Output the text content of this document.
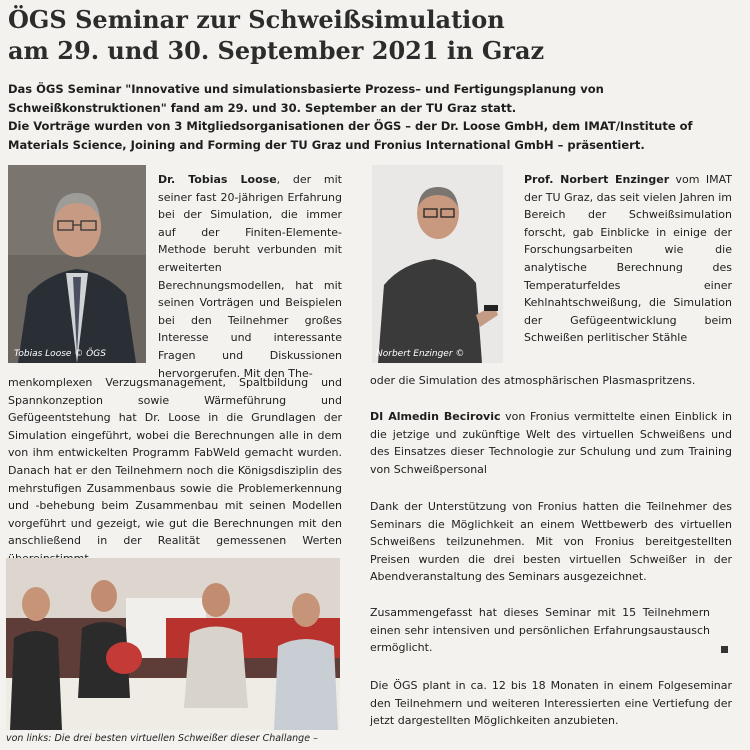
ÖGS Seminar zur Schweißsimulation
am 29. und 30. September 2021 in Graz

Das ÖGS Seminar "Innovative und simulationsbasierte Prozess– und Fertigungsplanung von Schweißkonstruktionen" fand am 29. und 30. September an der TU Graz statt.

Die Vorträge wurden von 3 Mitgliedsorganisationen der ÖGS – der Dr. Loose GmbH, dem IMAT/Institute of Materials Science, Joining and Forming der TU Graz und Fronius International GmbH – präsentiert.

Tobias Loose © ÖGS	Norbert Enzinger ©

Dr. Tobias Loose, der mit seiner fast 20-jährigen Erfahrung bei der Simulation, die immer auf der Finiten-Elemente-Methode beruht verbunden mit erweiterten Berechnungsmodellen, hat mit seinen Vorträgen und Beispielen bei den Teilnehmer großes Interesse und interessante Fragen und Diskussionen hervorgerufen. Mit den The-

menkomplexen Verzugsmanagement, Spaltbildung und Spannkonzeption sowie Wärmeführung und Gefügeentstehung hat Dr. Loose in die Grundlagen der Simulation eingeführt, wobei die Berechnungen alle in dem von ihm entwickelten Programm FabWeld gemacht wurden. Danach hat er den Teilnehmern noch die Königsdisziplin des mehrstufigen Zusammenbaus sowie die Problemerkennung und -behebung beim Zusammenbau mit seinen Modellen vorgeführt und gezeigt, wie gut die Berechnungen mit den anschließend in der Realität gemessenen Werten

von links: Die drei besten virtuellen Schweißer dieser Challange –

Prof. Norbert Enzinger vom IMAT der TU Graz, das seit vielen Jahren im Bereich der Schweißsimulation forscht, gab Einblicke in einige der Forschungsarbeiten wie die analytische Berechnung des Temperaturfeldes einer Kehlnahtschweißung, die Simulation der Gefügeentwicklung beim Schweißen perlitischer Stähle

oder die Simulation des atmosphärischen Plasmaspritzens.

DI Almedin Becirovic von Fronius vermittelte einen Einblick in die jetzige und zukünftige Welt des virtuellen Schweißens und des Einsatzes dieser Technologie zur Schulung und zum Training von Schweißpersonal

Dank der Unterstützung von Fronius hatten die Teilnehmer des Seminars die Möglichkeit an einem Wettbewerb des virtuellen Schweißens teilzunehmen. Mit von Fronius bereitgestellten Preisen wurden die drei besten virtuellen Schweißer in der Abendveranstaltung des Seminars ausgezeichnet.

Zusammengefasst hat dieses Seminar mit 15 Teilnehmern einen sehr intensiven und persönlichen Erfahrungsaustausch ermöglicht.

Die ÖGS plant in ca. 12 bis 18 Monaten in einem Folgeseminar den Teilnehmern und weiteren Interessierten eine Vertiefung der jetzt dargestellten Möglichkeiten anzubieten.
